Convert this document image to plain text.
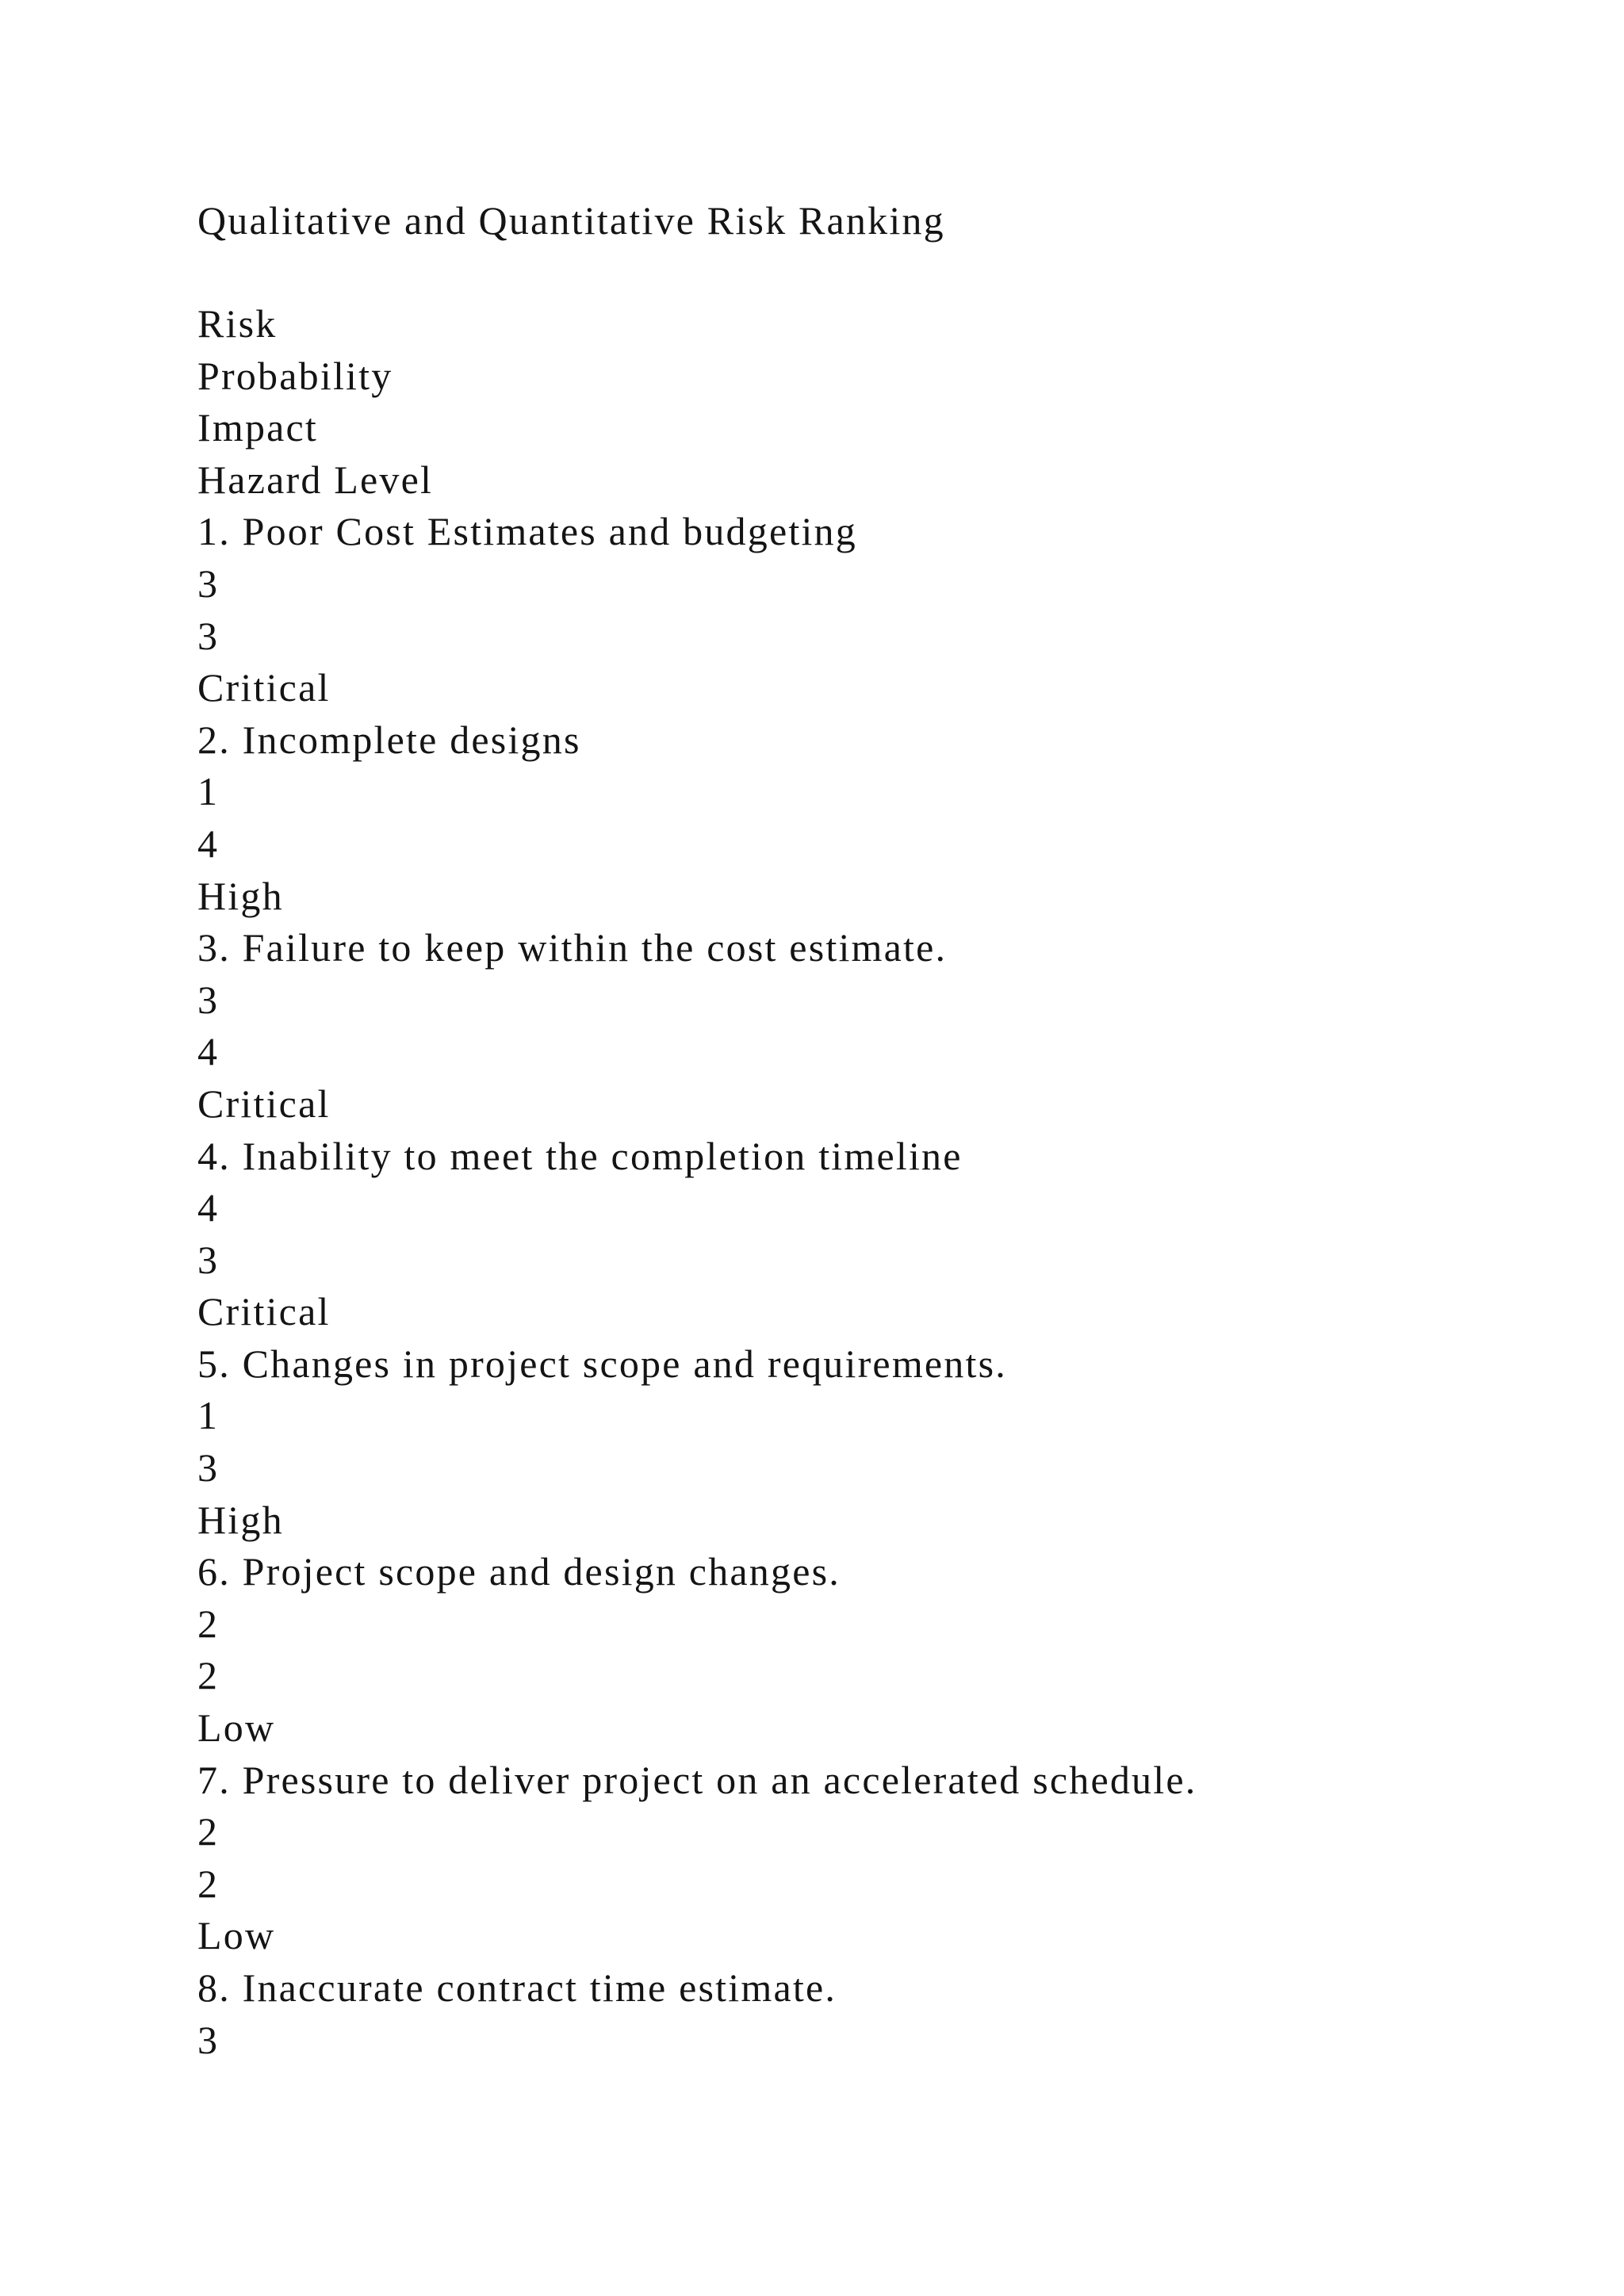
Qualitative and Quantitative Risk Ranking
Risk
Probability
Impact
Hazard Level
1. Poor Cost Estimates and budgeting
3
3
Critical
2. Incomplete designs
1
4
High
3. Failure to keep within the cost estimate.
3
4
Critical
4. Inability to meet the completion timeline
4
3
Critical
5. Changes in project scope and requirements.
1
3
High
6. Project scope and design changes.
2
2
Low
7. Pressure to deliver project on an accelerated schedule.
2
2
Low
8. Inaccurate contract time estimate.
3
